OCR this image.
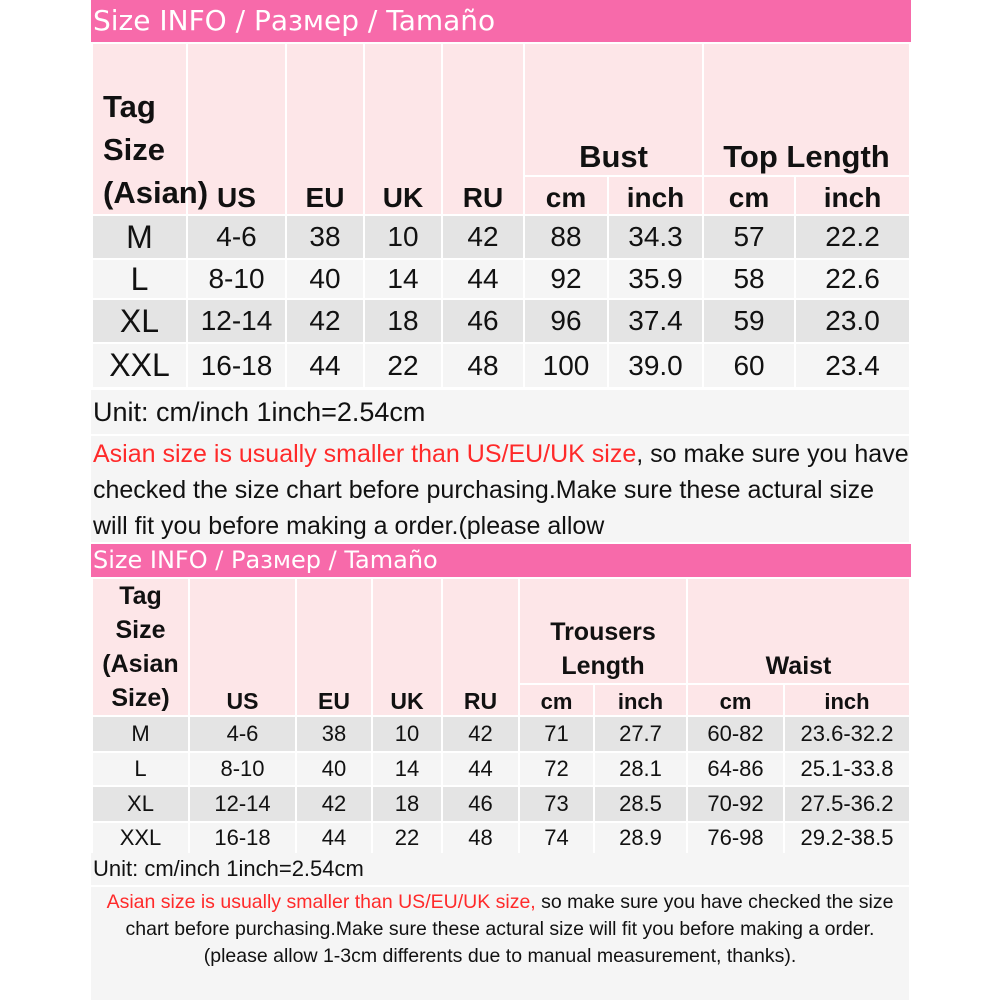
Size INFO / Размер / Tamaño
Tag Size (Asian)	US	EU	UK	RU	Bust		Top Length	
					cm	inch	cm	inch
M	4-6	38	10	42	88	34.3	57	22.2
L	8-10	40	14	44	92	35.9	58	22.6
XL	12-14	42	18	46	96	37.4	59	23.0
XXL	16-18	44	22	48	100	39.0	60	23.4
Unit: cm/inch 1inch=2.54cm
Asian size is usually smaller than US/EU/UK size, so make sure you have checked the size chart before purchasing.Make sure these actural size will fit you before making a order.(please allow
Size INFO / Размер / Tamaño
Tag Size (Asian Size)	US	EU	UK	RU	Trousers Length		Waist	
					cm	inch	cm	inch
M	4-6	38	10	42	71	27.7	60-82	23.6-32.2
L	8-10	40	14	44	72	28.1	64-86	25.1-33.8
XL	12-14	42	18	46	73	28.5	70-92	27.5-36.2
XXL	16-18	44	22	48	74	28.9	76-98	29.2-38.5
Unit: cm/inch 1inch=2.54cm
Asian size is usually smaller than US/EU/UK size, so make sure you have checked the size chart before purchasing.Make sure these actural size will fit you before making a order.(please allow 1-3cm differents due to manual measurement, thanks).
